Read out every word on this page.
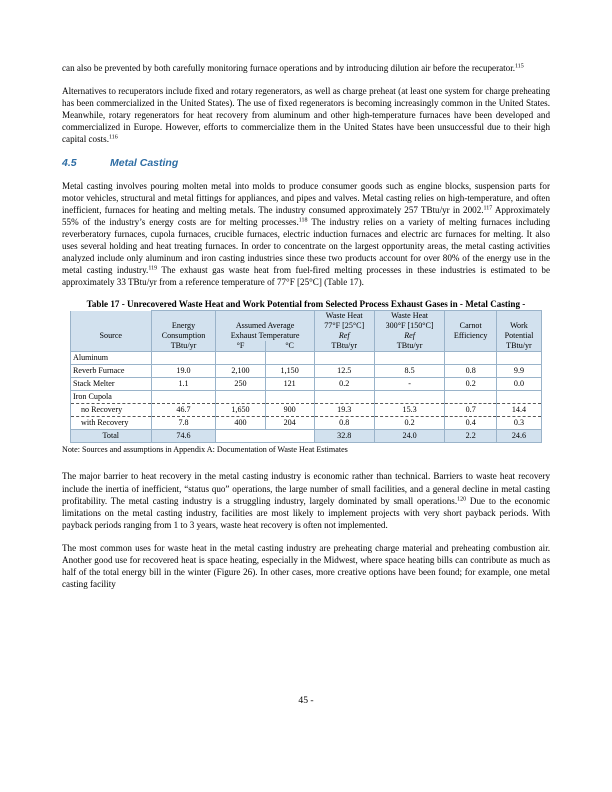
can also be prevented by both carefully monitoring furnace operations and by introducing dilution air before the recuperator.$^{115}$

Alternatives to recuperators include fixed and rotary regenerators, as well as charge preheat (at least one system for charge preheating has been commercialized in the United States). The use of fixed regenerators is becoming increasingly common in the United States. Meanwhile, rotary regenerators for heat recovery from aluminum and other high-temperature furnaces have been developed and commercialized in Europe. However, efforts to commercialize them in the United States have been unsuccessful due to their high capital costs.$^{116}$

4.5	Metal Casting

Metal casting involves pouring molten metal into molds to produce consumer goods such as engine blocks, suspension parts for motor vehicles, structural and metal fittings for appliances, and pipes and valves. Metal casting relies on high-temperature, and often inefficient, furnaces for heating and melting metals. The industry consumed approximately 257 TBtu/yr in 2002.$^{117}$ Approximately 55% of the industry’s energy costs are for melting processes.$^{118}$ The industry relies on a variety of melting furnaces including reverberatory furnaces, cupola furnaces, crucible furnaces, electric induction furnaces and electric arc furnaces for melting. It also uses several holding and heat treating furnaces. In order to concentrate on the largest opportunity areas, the metal casting activities analyzed include only aluminum and iron casting industries since these two products account for over 80% of the energy use in the metal casting industry.$^{119}$ The exhaust gas waste heat from fuel-fired melting processes in these industries is estimated to be approximately 33 TBtu/yr from a reference temperature of 77°F [25°C] (Table 17).

Table 17 - Unrecovered Waste Heat and Work Potential from Selected Process Exhaust Gases in - Metal Casting -
				Waste Heat	Waste Heat		
	Energy	Assumed Average		77°F [25°C]	300°F [150°C]	Carnot	Work
Source	Consumption	Exhaust Temperature		Ref	Ref	Efficiency	Potential
	TBtu/yr	°F	°C	TBtu/yr	TBtu/yr		TBtu/yr
Aluminum							
Reverb Furnace	19.0	2,100	1,150	12.5	8.5	0.8	9.9
Stack Melter	1.1	250	121	0.2	-	0.2	0.0
Iron Cupola							
no Recovery	46.7	1,650	900	19.3	15.3	0.7	14.4
with Recovery	7.8	400	204	0.8	0.2	0.4	0.3
Total	74.6			32.8	24.0	2.2	24.6
Note: Sources and assumptions in Appendix A: Documentation of Waste Heat Estimates

The major barrier to heat recovery in the metal casting industry is economic rather than technical. Barriers to waste heat recovery include the inertia of inefficient, “status quo” operations, the large number of small facilities, and a general decline in metal casting profitability. The metal casting industry is a struggling industry, largely dominated by small operations.$^{120}$ Due to the economic limitations on the metal casting industry, facilities are most likely to implement projects with very short payback periods. With payback periods ranging from 1 to 3 years, waste heat recovery is often not implemented.

The most common uses for waste heat in the metal casting industry are preheating charge material and preheating combustion air. Another good use for recovered heat is space heating, especially in the Midwest, where space heating bills can contribute as much as half of the total energy bill in the winter (Figure 26). In other cases, more creative options have been found; for example, one metal casting facility

45 -
